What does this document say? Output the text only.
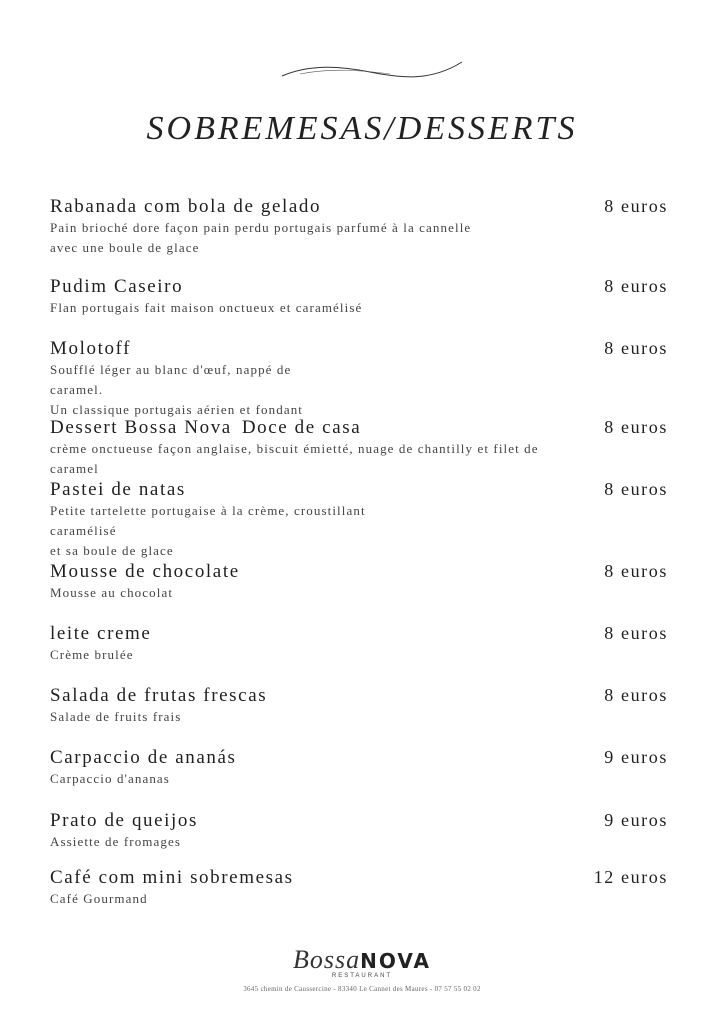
SOBREMESAS/DESSERTS
Rabanada com bola de gelado	8 euros
Pain brioché dore façon pain perdu portugais parfumé à la cannelle
avec une boule de glace
Pudim Caseiro	8 euros
Flan portugais fait maison onctueux et caramélisé
Molotoff	8 euros
Soufflé léger au blanc d'œuf, nappé de
caramel.
Un classique portugais aérien et fondant
Dessert Bossa Nova Doce de casa	8 euros
crème onctueuse façon anglaise, biscuit émietté, nuage de chantilly et filet de
caramel
Pastei de natas	8 euros
Petite tartelette portugaise à la crème, croustillant
caramélisé
et sa boule de glace
Mousse de chocolate	8 euros
Mousse au chocolat
leite creme	8 euros
Crème brulée
Salada de frutas frescas	8 euros
Salade de fruits frais
Carpaccio de ananás	9 euros
Carpaccio d'ananas
Prato de queijos	9 euros
Assiette de fromages
Café com mini sobremesas	12 euros
Café Gourmand
BossaNOVA
RESTAURANT
3645 chemin de Caussercine - 83340 Le Cannet des Maures - 07 57 55 02 02
